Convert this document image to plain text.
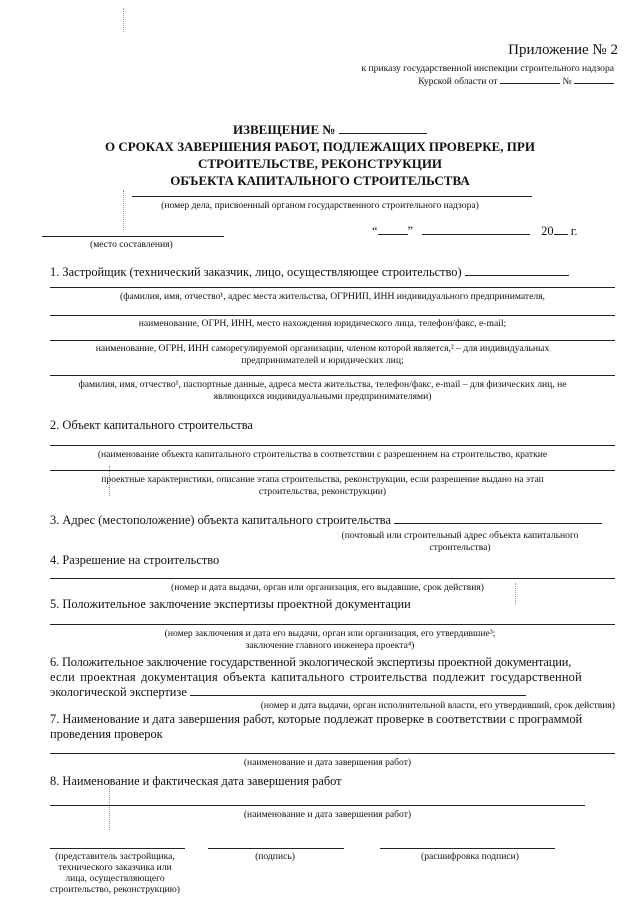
Приложение № 2
к приказу государственной инспекции строительного надзора
Курской области от	№
ИЗВЕЩЕНИЕ №
О СРОКАХ ЗАВЕРШЕНИЯ РАБОТ, ПОДЛЕЖАЩИХ ПРОВЕРКЕ, ПРИ
СТРОИТЕЛЬСТВЕ, РЕКОНСТРУКЦИИ
ОБЪЕКТА КАПИТАЛЬНОГО СТРОИТЕЛЬСТВА
(номер дела, присвоенный органом государственного строительного надзора)
(место составления)
“ ”	20 г.
1. Застройщик (технический заказчик, лицо, осуществляющее строительство)
(фамилия, имя, отчество¹, адрес места жительства, ОГРНИП, ИНН индивидуального предпринимателя,
наименование, ОГРН, ИНН, место нахождения юридического лица, телефон/факс, e-mail;
наименование, ОГРН, ИНН саморегулируемой организации, членом которой является,² – для индивидуальных
предпринимателей и юридических лиц;
фамилия, имя, отчество¹, паспортные данные, адреса места жительства, телефон/факс, e-mail – для физических лиц, не
являющихся индивидуальными предпринимателями)
2. Объект капитального строительства
(наименование объекта капитального строительства в соответствии с разрешением на строительство, краткие
проектные характеристики, описание этапа строительства, реконструкции, если разрешение выдано на этап
строительства, реконструкции)
3. Адрес (местоположение) объекта капитального строительства
(почтовый или строительный адрес объекта капитального
строительства)
4. Разрешение на строительство
(номер и дата выдачи, орган или организация, его выдавшие, срок действия)
5. Положительное заключение экспертизы проектной документации
(номер заключения и дата его выдачи, орган или организация, его утвердившие³;
заключение главного инженера проекта⁴)
6. Положительное заключение государственной экологической экспертизы проектной документации,
если проектная документация объекта капитального строительства подлежит государственной
экологической экспертизе
(номер и дата выдачи, орган исполнительной власти, его утвердивший, срок действия)
7. Наименование и дата завершения работ, которые подлежат проверке в соответствии с программой
проведения проверок
(наименование и дата завершения работ)
8. Наименование и фактическая дата завершения работ
(наименование и дата завершения работ)
(представитель застройщика,
технического заказчика или
лица, осуществляющего
строительство, реконструкцию)
(подпись)	(расшифровка подписи)
